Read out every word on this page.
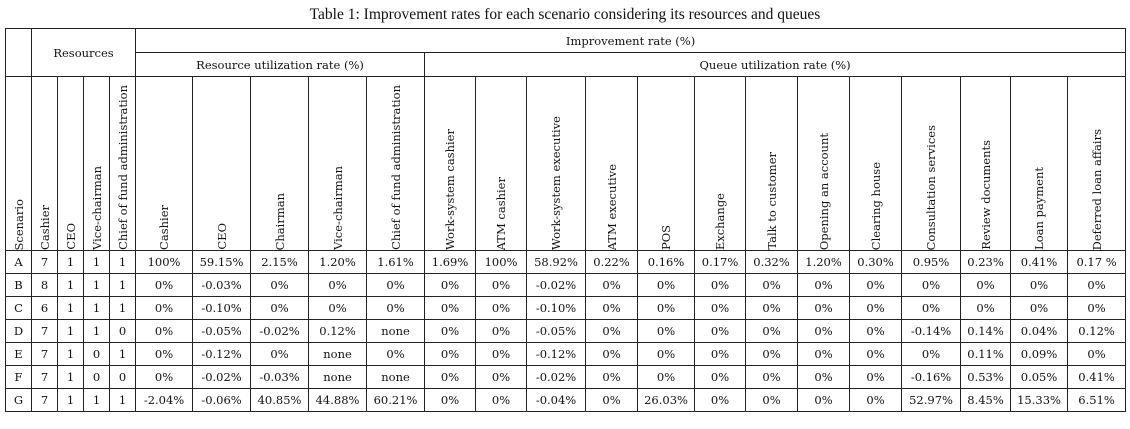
Table 1: Improvement rates for each scenario considering its resources and queues
	Resources				Improvement rate (%)																	
					Resource utilization rate (%)					Queue utilization rate (%)												

Scenario	Cashier	CEO	Vice-chairman	Chief of fund administration	Cashier	CEO	Chairman	Vice-chairman	Chief of fund administration	Work-system cashier	ATM cashier	Work-system executive	ATM executive	POS	Exchange	Talk to customer	Opening an account	Clearing house	Consultation services	Review documents	Loan payment	Deferred loan affairs

A	7	1	1	1	100%	59.15%	2.15%	1.20%	1.61%	1.69%	100%	58.92%	0.22%	0.16%	0.17%	0.32%	1.20%	0.30%	0.95%	0.23%	0.41%	0.17 %
B	8	1	1	1	0%	-0.03%	0%	0%	0%	0%	0%	-0.02%	0%	0%	0%	0%	0%	0%	0%	0%	0%	0%
C	6	1	1	1	0%	-0.10%	0%	0%	0%	0%	0%	-0.10%	0%	0%	0%	0%	0%	0%	0%	0%	0%	0%
D	7	1	1	0	0%	-0.05%	-0.02%	0.12%	none	0%	0%	-0.05%	0%	0%	0%	0%	0%	0%	-0.14%	0.14%	0.04%	0.12%
E	7	1	0	1	0%	-0.12%	0%	none	0%	0%	0%	-0.12%	0%	0%	0%	0%	0%	0%	0%	0.11%	0.09%	0%
F	7	1	0	0	0%	-0.02%	-0.03%	none	none	0%	0%	-0.02%	0%	0%	0%	0%	0%	0%	-0.16%	0.53%	0.05%	0.41%
G	7	1	1	1	-2.04%	-0.06%	40.85%	44.88%	60.21%	0%	0%	-0.04%	0%	26.03%	0%	0%	0%	0%	52.97%	8.45%	15.33%	6.51%
